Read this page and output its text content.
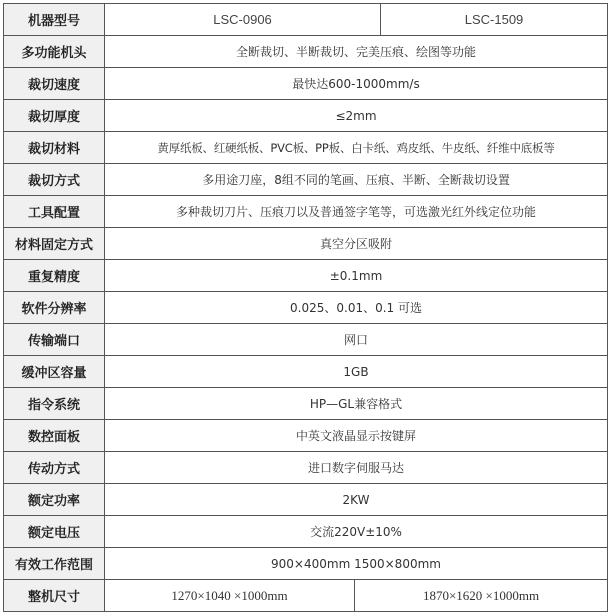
机器型号	LSC-0906		LSC-1509
多功能机头	全断裁切、半断裁切、完美压痕、绘图等功能		
裁切速度	最快达600-1000mm/s		
裁切厚度	≤2mm		
裁切材料	黄厚纸板、红硬纸板、PVC板、PP板、白卡纸、鸡皮纸、牛皮纸、纤维中底板等		
裁切方式	多用途刀座，8组不同的笔画、压痕、半断、全断裁切设置		
工具配置	多种裁切刀片、压痕刀以及普通签字笔等，可选激光红外线定位功能		
材料固定方式	真空分区吸附		
重复精度	±0.1mm		
软件分辨率	0.025、0.01、0.1 可选		
传输端口	网口		
缓冲区容量	1GB		
指令系统	HP—GL兼容格式		
数控面板	中英文液晶显示按键屏		
传动方式	进口数字伺服马达		
额定功率	2KW		
额定电压	交流220V±10%		
有效工作范围	900×400mm 1500×800mm		
整机尺寸	1270×1040 ×1000mm	1870×1620 ×1000mm	
